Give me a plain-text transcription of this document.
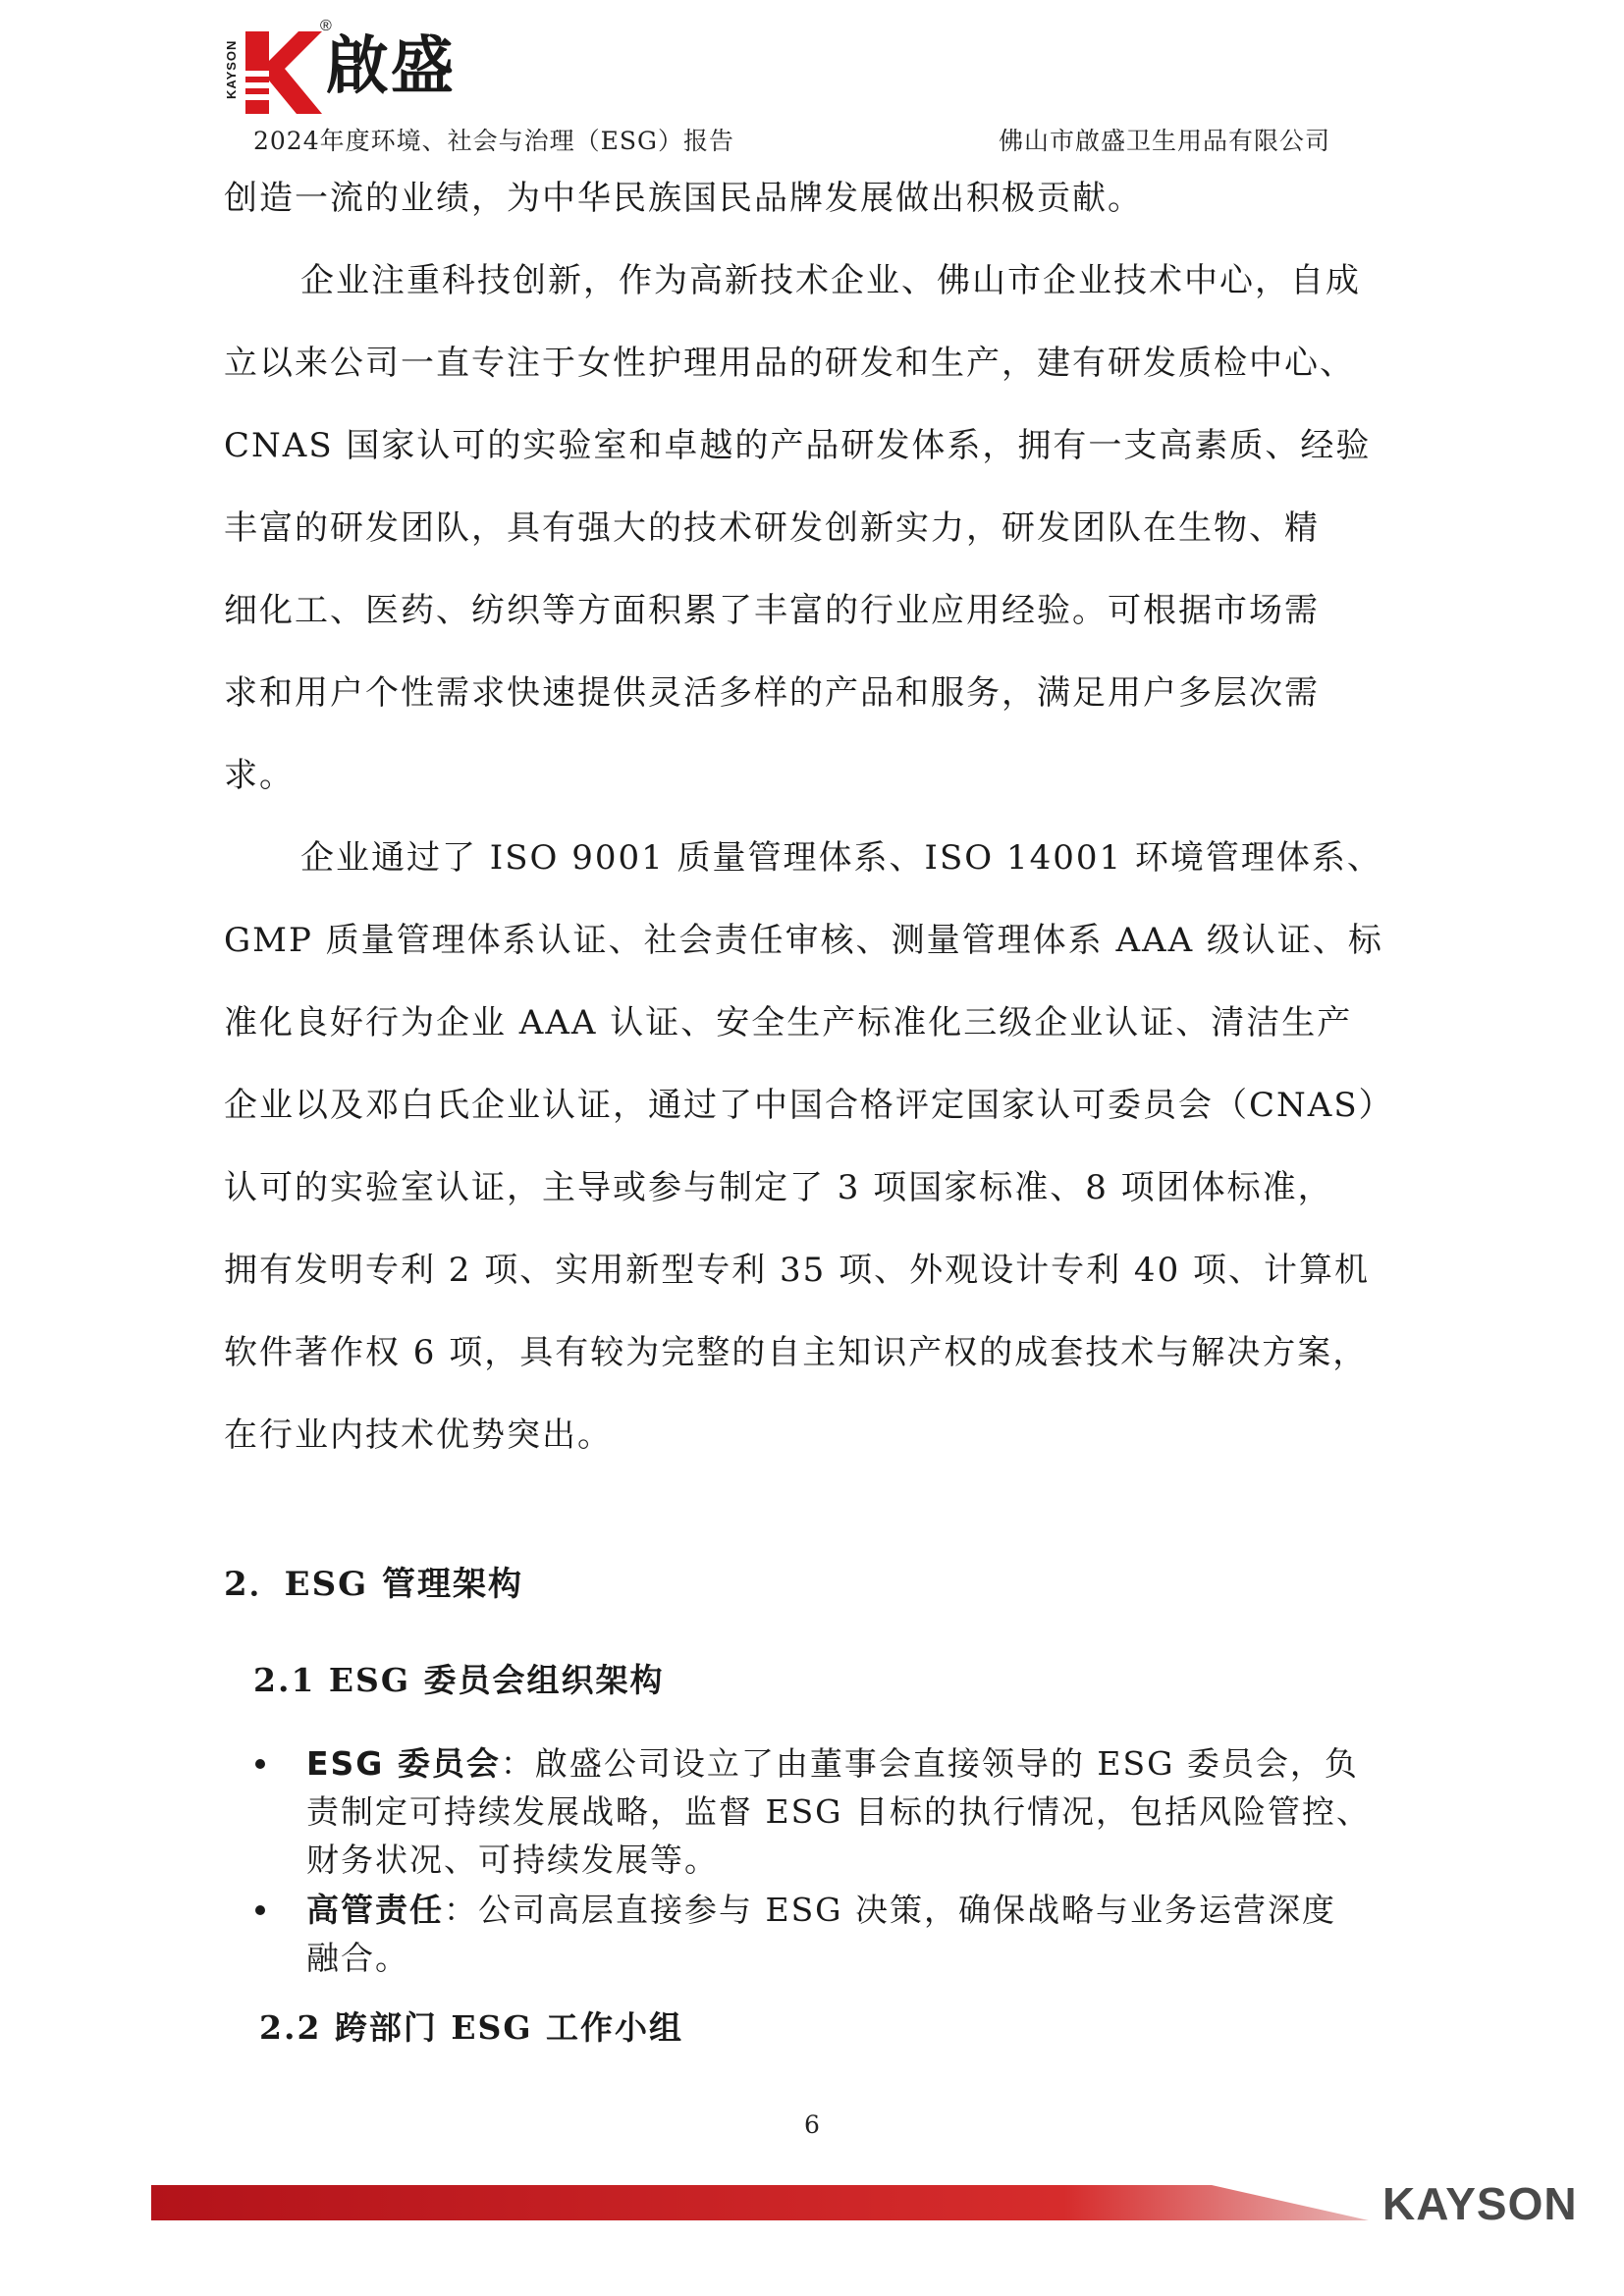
KAYSON
®
啟盛
2024年度环境、社会与治理（ESG）报告	佛山市啟盛卫生用品有限公司

创造一流的业绩，为中华民族国民品牌发展做出积极贡献。

企业注重科技创新，作为高新技术企业、佛山市企业技术中心，自成
立以来公司一直专注于女性护理用品的研发和生产，建有研发质检中心、
CNAS 国家认可的实验室和卓越的产品研发体系，拥有一支高素质、经验
丰富的研发团队，具有强大的技术研发创新实力，研发团队在生物、精
细化工、医药、纺织等方面积累了丰富的行业应用经验。可根据市场需
求和用户个性需求快速提供灵活多样的产品和服务，满足用户多层次需
求。

企业通过了 ISO 9001 质量管理体系、ISO 14001 环境管理体系、
GMP 质量管理体系认证、社会责任审核、测量管理体系 AAA 级认证、标
准化良好行为企业 AAA 认证、安全生产标准化三级企业认证、清洁生产
企业以及邓白氏企业认证，通过了中国合格评定国家认可委员会（CNAS）
认可的实验室认证，主导或参与制定了 3 项国家标准、8 项团体标准，
拥有发明专利 2 项、实用新型专利 35 项、外观设计专利 40 项、计算机
软件著作权 6 项，具有较为完整的自主知识产权的成套技术与解决方案，
在行业内技术优势突出。

2．ESG 管理架构
2.1 ESG 委员会组织架构
ESG 委员会：啟盛公司设立了由董事会直接领导的 ESG 委员会，负
责制定可持续发展战略，监督 ESG 目标的执行情况，包括风险管控、
财务状况、可持续发展等。
高管责任：公司高层直接参与 ESG 决策，确保战略与业务运营深度
融合。
2.2 跨部门 ESG 工作小组
6
KAYSON
